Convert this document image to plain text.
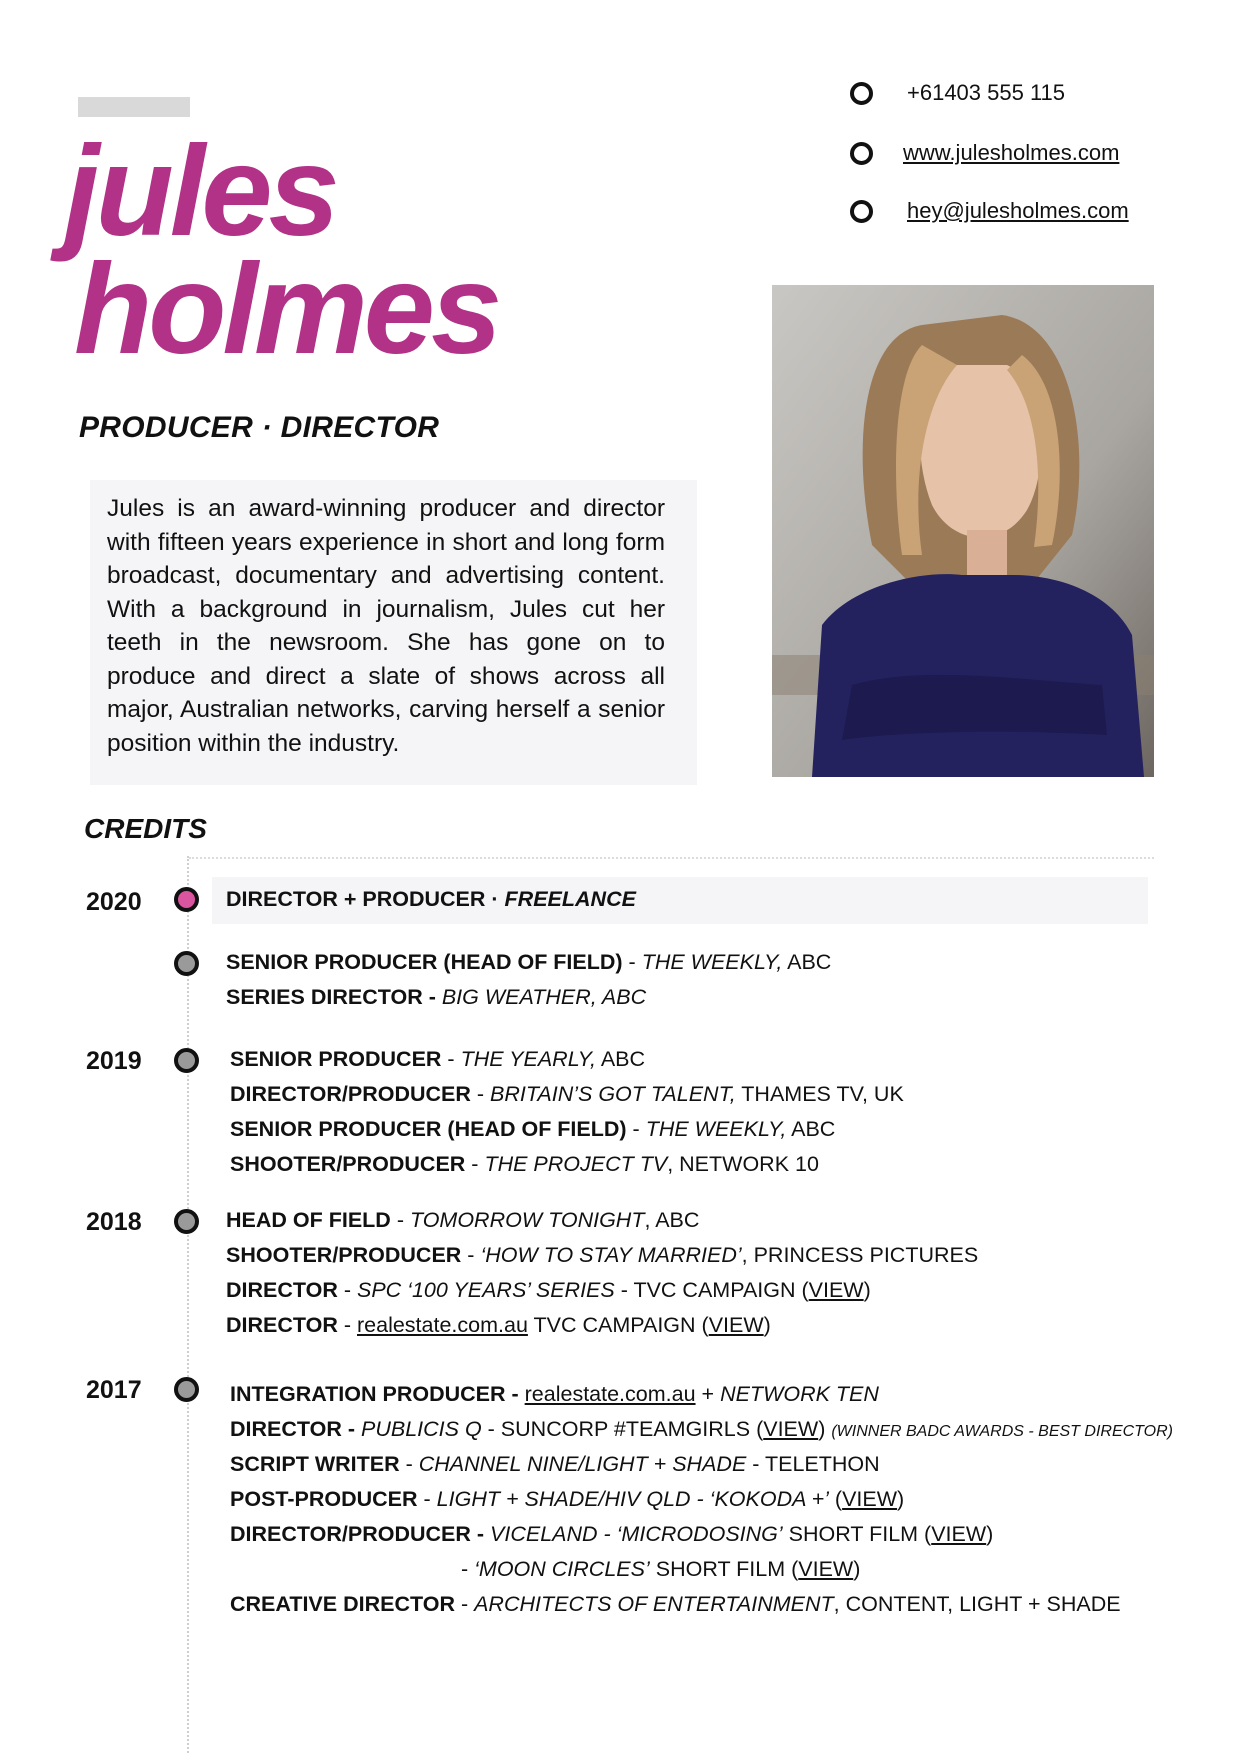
jules
holmes
PRODUCER · DIRECTOR
+61403 555 115
www.julesholmes.com
hey@julesholmes.com

Jules is an award-winning producer and director with fifteen years experience in short and long form broadcast, documentary and advertising content. With a background in journalism, Jules cut her teeth in the newsroom. She has gone on to produce and direct a slate of shows across all major, Australian networks, carving herself a senior position within the industry.

CREDITS
2020
2019
2018
2017
DIRECTOR + PRODUCER · FREELANCE
SENIOR PRODUCER (HEAD OF FIELD) - THE WEEKLY, ABC
SERIES DIRECTOR - BIG WEATHER, ABC
SENIOR PRODUCER - THE YEARLY, ABC
DIRECTOR/PRODUCER - BRITAIN’S GOT TALENT, THAMES TV, UK
SENIOR PRODUCER (HEAD OF FIELD) - THE WEEKLY, ABC
SHOOTER/PRODUCER - THE PROJECT TV, NETWORK 10
HEAD OF FIELD - TOMORROW TONIGHT, ABC
SHOOTER/PRODUCER - ‘HOW TO STAY MARRIED’, PRINCESS PICTURES
DIRECTOR - SPC ‘100 YEARS’ SERIES - TVC CAMPAIGN (VIEW)
DIRECTOR - realestate.com.au TVC CAMPAIGN (VIEW)
INTEGRATION PRODUCER - realestate.com.au + NETWORK TEN
DIRECTOR - PUBLICIS Q - SUNCORP #TEAMGIRLS (VIEW) (WINNER BADC AWARDS - BEST DIRECTOR)
SCRIPT WRITER - CHANNEL NINE/LIGHT + SHADE - TELETHON
POST-PRODUCER - LIGHT + SHADE/HIV QLD - ‘KOKODA +’ (VIEW)
DIRECTOR/PRODUCER - VICELAND - ‘MICRODOSING’ SHORT FILM (VIEW)
- ‘MOON CIRCLES’ SHORT FILM (VIEW)
CREATIVE DIRECTOR - ARCHITECTS OF ENTERTAINMENT, CONTENT, LIGHT + SHADE
